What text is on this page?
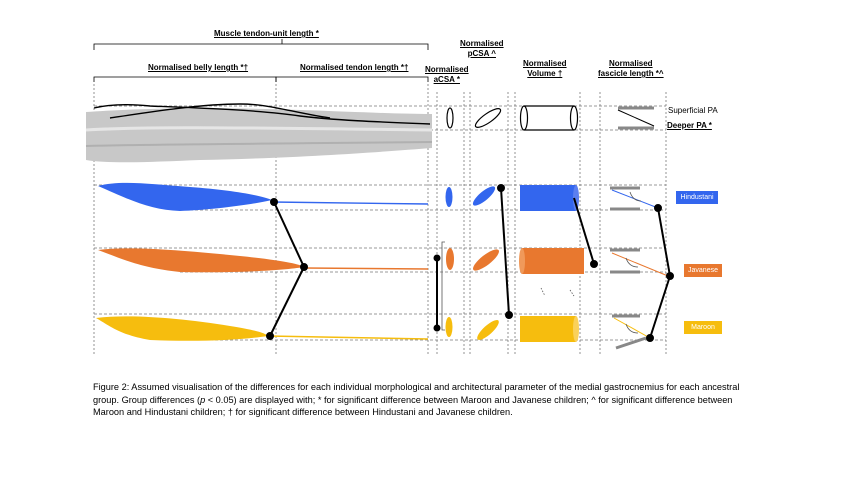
Muscle tendon-unit length *
Normalised belly length *†	Normalised tendon length *† Normalised
aCSA *
Normalised
pCSA ^
Normalised
Volume †
Normalised
fascicle length *^
Superficial PA
Deeper PA *
Hindustani
Javanese
Maroon
Figure 2: Assumed visualisation of the differences for each individual morphological and architectural parameter of the medial gastrocnemius for each ancestral group. Group differences (p < 0.05) are displayed with; * for significant difference between Maroon and Javanese children; ^ for significant difference between Maroon and Hindustani children; † for significant difference between Hindustani and Javanese children.
